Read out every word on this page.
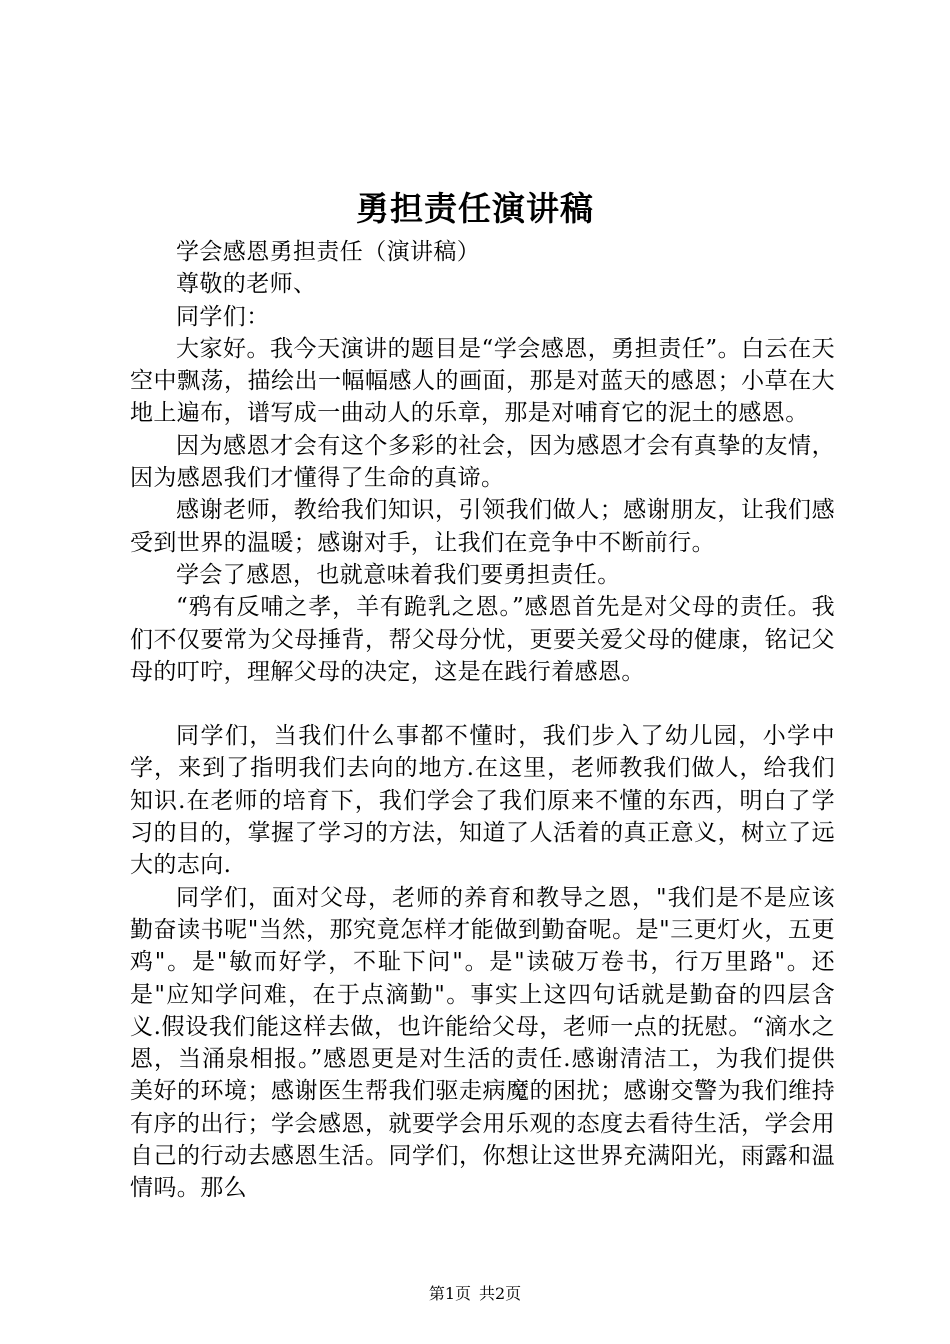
勇担责任演讲稿

学会感恩勇担责任（演讲稿）

尊敬的老师、

同学们：

大家好。我今天演讲的题目是“学会感恩，勇担责任”。白云在天空中飘荡，描绘出一幅幅感人的画面，那是对蓝天的感恩；小草在大地上遍布，谱写成一曲动人的乐章，那是对哺育它的泥土的感恩。

因为感恩才会有这个多彩的社会，因为感恩才会有真挚的友情，因为感恩我们才懂得了生命的真谛。

感谢老师，教给我们知识，引领我们做人；感谢朋友，让我们感受到世界的温暖；感谢对手，让我们在竞争中不断前行。

学会了感恩，也就意味着我们要勇担责任。

“鸦有反哺之孝，羊有跪乳之恩。”感恩首先是对父母的责任。我们不仅要常为父母捶背，帮父母分忧，更要关爱父母的健康，铭记父母的叮咛，理解父母的决定，这是在践行着感恩。

同学们，当我们什么事都不懂时，我们步入了幼儿园，小学中学，来到了指明我们去向的地方.在这里，老师教我们做人，给我们知识.在老师的培育下，我们学会了我们原来不懂的东西，明白了学习的目的，掌握了学习的方法，知道了人活着的真正意义，树立了远大的志向.

同学们，面对父母，老师的养育和教导之恩，"我们是不是应该勤奋读书呢"当然，那究竟怎样才能做到勤奋呢。是"三更灯火，五更鸡"。是"敏而好学，不耻下问"。是"读破万卷书，行万里路"。还是"应知学问难，在于点滴勤"。事实上这四句话就是勤奋的四层含义.假设我们能这样去做，也许能给父母，老师一点的抚慰。“滴水之恩，当涌泉相报。”感恩更是对生活的责任.感谢清洁工，为我们提供美好的环境；感谢医生帮我们驱走病魔的困扰；感谢交警为我们维持有序的出行；学会感恩，就要学会用乐观的态度去看待生活，学会用自己的行动去感恩生活。同学们，你想让这世界充满阳光，雨露和温情吗。那么

第1页 共2页
